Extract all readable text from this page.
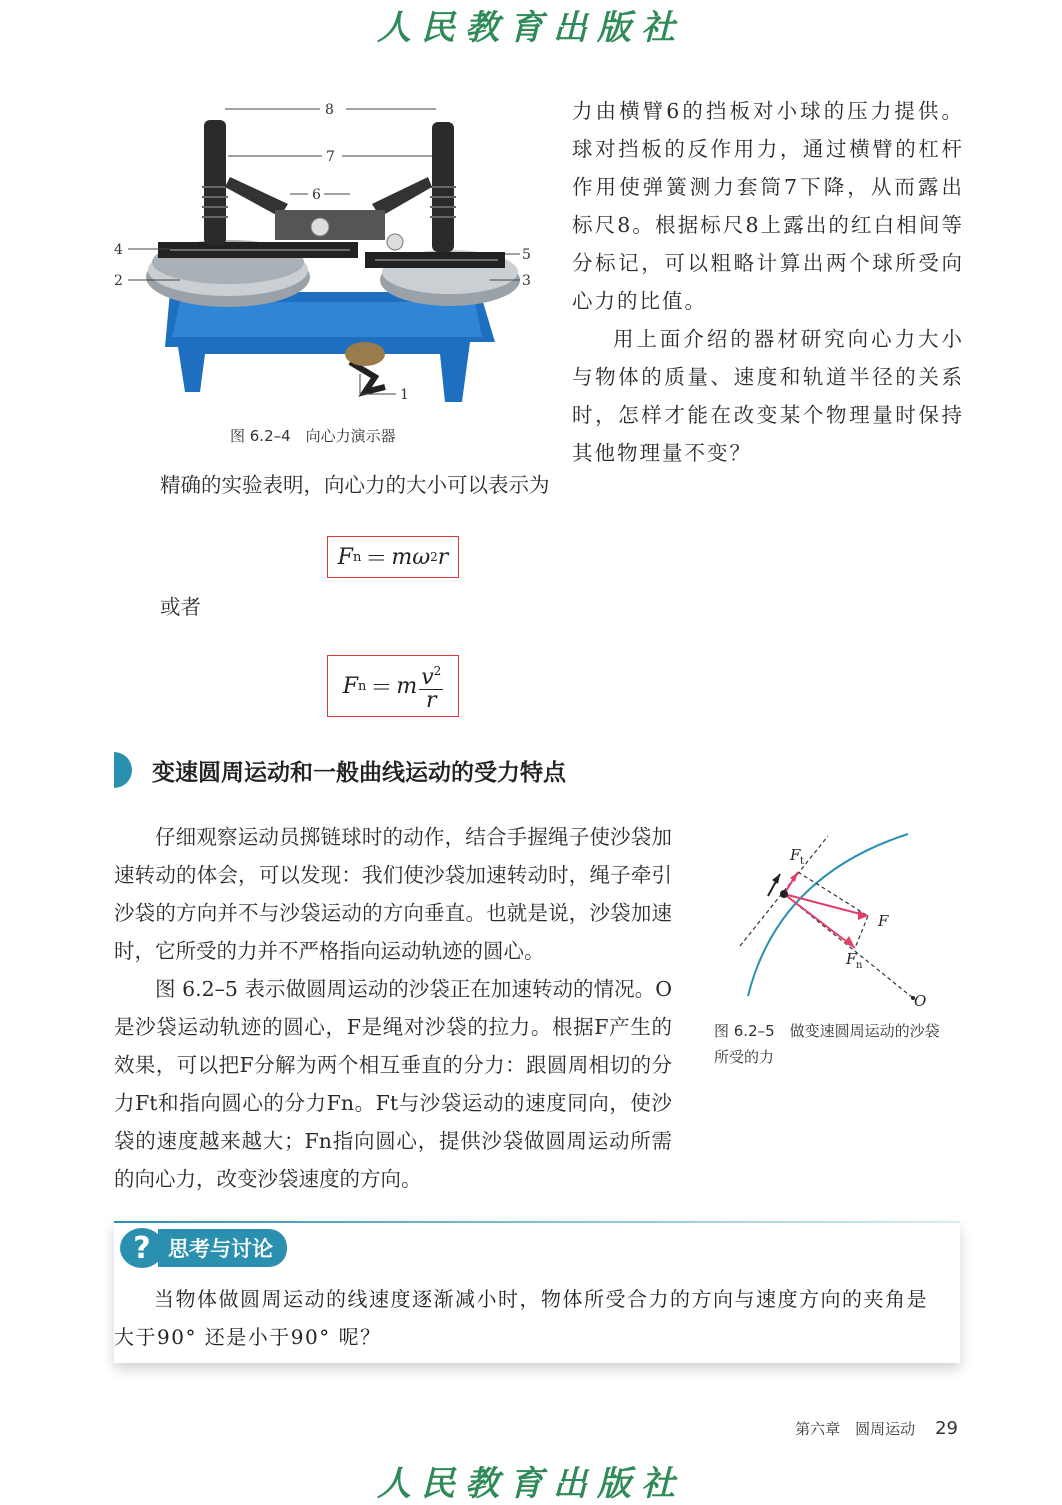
人民教育出版社
8
7
6
4
2
5
3
1
图 6.2–4　向心力演示器

力由横臂6的挡板对小球的压力提供。球对挡板的反作用力，通过横臂的杠杆作用使弹簧测力套筒7下降，从而露出标尺8。根据标尺8上露出的红白相间等分标记，可以粗略计算出两个球所受向心力的比值。

用上面介绍的器材研究向心力大小与物体的质量、速度和轨道半径的关系时，怎样才能在改变某个物理量时保持其他物理量不变？

精确的实验表明，向心力的大小可以表示为
F n ＝ mω 2 r
或者
F n ＝ m $\frac{v^2}{r}$
变速圆周运动和一般曲线运动的受力特点

仔细观察运动员掷链球时的动作，结合手握绳子使沙袋加速转动的体会，可以发现：我们使沙袋加速转动时，绳子牵引沙袋的方向并不与沙袋运动的方向垂直。也就是说，沙袋加速时，它所受的力并不严格指向运动轨迹的圆心。

图 6.2–5 表示做圆周运动的沙袋正在加速转动的情况。O是沙袋运动轨迹的圆心，F是绳对沙袋的拉力。根据F产生的效果，可以把F分解为两个相互垂直的分力：跟圆周相切的分力Ft和指向圆心的分力Fn。Ft与沙袋运动的速度同向，使沙袋的速度越来越大；Fn指向圆心，提供沙袋做圆周运动所需的向心力，改变沙袋速度的方向。

F t
F
F n
O
图 6.2–5　做变速圆周运动的沙袋
所受的力
? 思考与讨论

当物体做圆周运动的线速度逐渐减小时，物体所受合力的方向与速度方向的夹角是大于90° 还是小于90° 呢？

第六章　圆周运动 29
人民教育出版社
